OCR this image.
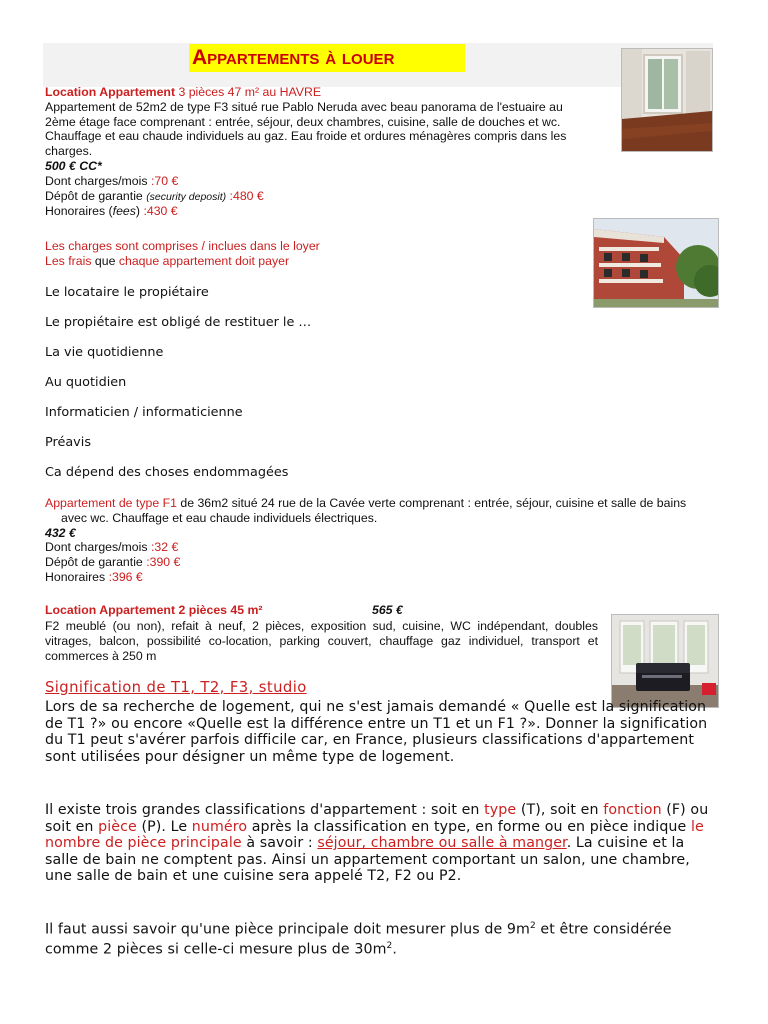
Appartements à louer
Location Appartement 3 pièces 47 m² au HAVRE
Appartement de 52m2 de type F3 situé rue Pablo Neruda avec beau panorama de l'estuaire au 2ème étage face comprenant : entrée, séjour, deux chambres, cuisine, salle de douches et wc. Chauffage et eau chaude individuels au gaz. Eau froide et ordures ménagères compris dans les charges.
500 € CC*
Dont charges/mois :70 €
Dépôt de garantie (security deposit) :480 €
Honoraires (fees) :430 €
Les charges sont comprises / inclues dans le loyer
Les frais que chaque appartement doit payer
Le locataire le propiétaire
Le propiétaire est obligé de restituer le …
La vie quotidienne
Au quotidien
Informaticien / informaticienne
Préavis
Ca dépend des choses endommagées
Appartement de type F1 de 36m2 situé 24 rue de la Cavée verte comprenant : entrée, séjour, cuisine et salle de bains avec wc. Chauffage et eau chaude individuels électriques.
432 €
Dont charges/mois :32 €
Dépôt de garantie :390 €
Honoraires :396 €
Location Appartement 2 pièces 45 m²	565 €
F2 meublé (ou non), refait à neuf, 2 pièces, exposition sud, cuisine, WC indépendant, doubles vitrages, balcon, possibilité co-location, parking couvert, chauffage gaz individuel, transport et commerces à 250 m
Signification de T1, T2, F3, studio
Lors de sa recherche de logement, qui ne s'est jamais demandé « Quelle est la signification de T1 ?» ou encore «Quelle est la différence entre un T1 et un F1 ?». Donner la signification du T1 peut s'avérer parfois difficile car, en France, plusieurs classifications d'appartement sont utilisées pour désigner un même type de logement.
Il existe trois grandes classifications d'appartement : soit en type (T), soit en fonction (F) ou soit en pièce (P). Le numéro après la classification en type, en forme ou en pièce indique le nombre de pièce principale à savoir : séjour, chambre ou salle à manger. La cuisine et la salle de bain ne comptent pas. Ainsi un appartement comportant un salon, une chambre, une salle de bain et une cuisine sera appelé T2, F2 ou P2.
Il faut aussi savoir qu'une pièce principale doit mesurer plus de $9m^2$ et être considérée comme 2 pièces si celle-ci mesure plus de $30m^2$.
